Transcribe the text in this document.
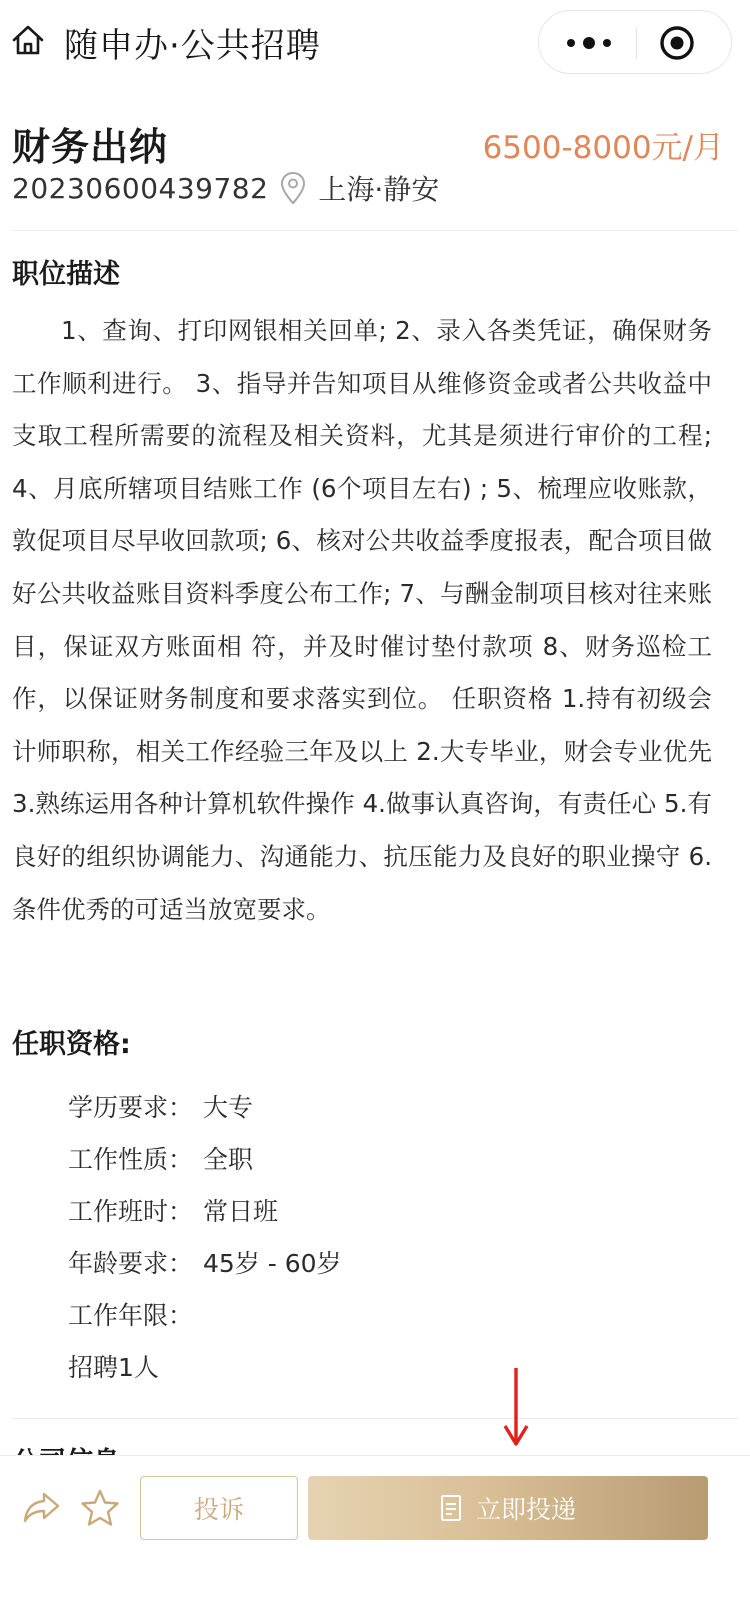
随申办·公共招聘
财务出纳	6500-8000元/月
20230600439782 上海·静安
职位描述
1、查询、打印网银相关回单; 2、录入各类凭证，确保财务工作顺利进行。 3、指导并告知项目从维修资金或者公共收益中支取工程所需要的流程及相关资料，尤其是须进行审价的工程; 4、月底所辖项目结账工作 (6个项目左右) ; 5、梳理应收账款，敦促项目尽早收回款项; 6、核对公共收益季度报表，配合项目做好公共收益账目资料季度公布工作; 7、与酬金制项目核对往来账目，保证双方账面相 符，并及时催讨垫付款项 8、财务巡检工作，以保证财务制度和要求落实到位。 任职资格 1.持有初级会计师职称，相关工作经验三年及以上 2.大专毕业，财会专业优先 3.熟练运用各种计算机软件操作 4.做事认真咨询，有责任心 5.有良好的组织协调能力、沟通能力、抗压能力及良好的职业操守 6.条件优秀的可适当放宽要求。
任职资格:
学历要求： 大专
工作性质： 全职
工作班时： 常日班
年龄要求： 45岁 - 60岁
工作年限：
招聘1人
投诉	立即投递
